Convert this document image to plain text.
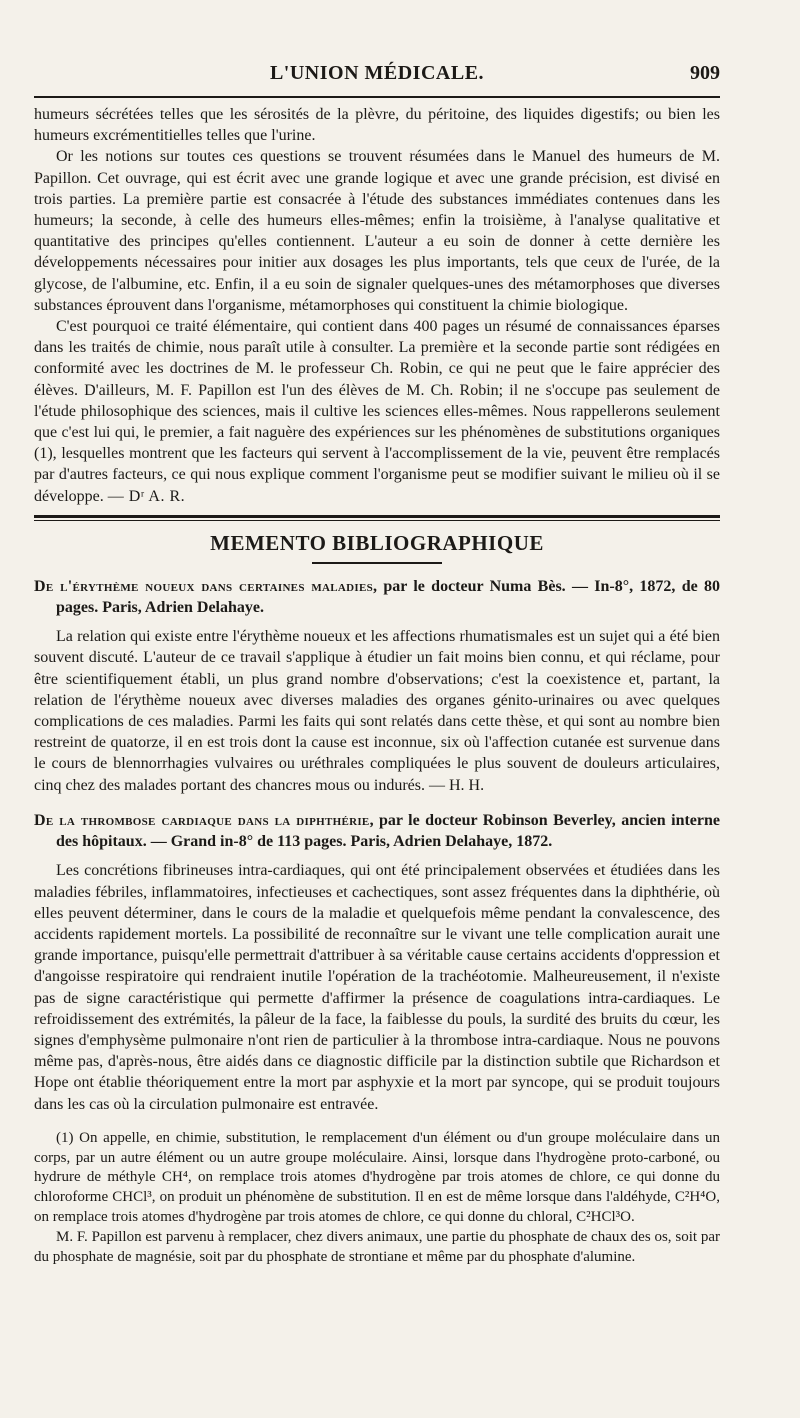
L'UNION MÉDICALE.	909

humeurs sécrétées telles que les sérosités de la plèvre, du péritoine, des liquides digestifs; ou bien les humeurs excrémentitielles telles que l'urine.

Or les notions sur toutes ces questions se trouvent résumées dans le Manuel des humeurs de M. Papillon. Cet ouvrage, qui est écrit avec une grande logique et avec une grande précision, est divisé en trois parties. La première partie est consacrée à l'étude des substances immédiates contenues dans les humeurs; la seconde, à celle des humeurs elles-mêmes; enfin la troisième, à l'analyse qualitative et quantitative des principes qu'elles contiennent. L'auteur a eu soin de donner à cette dernière les développements nécessaires pour initier aux dosages les plus importants, tels que ceux de l'urée, de la glycose, de l'albumine, etc. Enfin, il a eu soin de signaler quelques-unes des métamorphoses que diverses substances éprouvent dans l'organisme, métamorphoses qui constituent la chimie biologique.

C'est pourquoi ce traité élémentaire, qui contient dans 400 pages un résumé de connaissances éparses dans les traités de chimie, nous paraît utile à consulter. La première et la seconde partie sont rédigées en conformité avec les doctrines de M. le professeur Ch. Robin, ce qui ne peut que le faire apprécier des élèves. D'ailleurs, M. F. Papillon est l'un des élèves de M. Ch. Robin; il ne s'occupe pas seulement de l'étude philosophique des sciences, mais il cultive les sciences elles-mêmes. Nous rappellerons seulement que c'est lui qui, le premier, a fait naguère des expériences sur les phénomènes de substitutions organiques (1), lesquelles montrent que les facteurs qui servent à l'accomplissement de la vie, peuvent être remplacés par d'autres facteurs, ce qui nous explique comment l'organisme peut se modifier suivant le milieu où il se développe. — Dʳ A. R.

MEMENTO BIBLIOGRAPHIQUE
De l'érythème noueux dans certaines maladies, par le docteur Numa Bès. — In-8°, 1872, de 80 pages. Paris, Adrien Delahaye.

La relation qui existe entre l'érythème noueux et les affections rhumatismales est un sujet qui a été bien souvent discuté. L'auteur de ce travail s'applique à étudier un fait moins bien connu, et qui réclame, pour être scientifiquement établi, un plus grand nombre d'observations; c'est la coexistence et, partant, la relation de l'érythème noueux avec diverses maladies des organes génito-urinaires ou avec quelques complications de ces maladies. Parmi les faits qui sont relatés dans cette thèse, et qui sont au nombre bien restreint de quatorze, il en est trois dont la cause est inconnue, six où l'affection cutanée est survenue dans le cours de blennorrhagies vulvaires ou uréthrales compliquées le plus souvent de douleurs articulaires, cinq chez des malades portant des chancres mous ou indurés. — H. H.

De la thrombose cardiaque dans la diphthérie, par le docteur Robinson Beverley, ancien interne des hôpitaux. — Grand in-8° de 113 pages. Paris, Adrien Delahaye, 1872.

Les concrétions fibrineuses intra-cardiaques, qui ont été principalement observées et étudiées dans les maladies fébriles, inflammatoires, infectieuses et cachectiques, sont assez fréquentes dans la diphthérie, où elles peuvent déterminer, dans le cours de la maladie et quelquefois même pendant la convalescence, des accidents rapidement mortels. La possibilité de reconnaître sur le vivant une telle complication aurait une grande importance, puisqu'elle permettrait d'attribuer à sa véritable cause certains accidents d'oppression et d'angoisse respiratoire qui rendraient inutile l'opération de la trachéotomie. Malheureusement, il n'existe pas de signe caractéristique qui permette d'affirmer la présence de coagulations intra-cardiaques. Le refroidissement des extrémités, la pâleur de la face, la faiblesse du pouls, la surdité des bruits du cœur, les signes d'emphysème pulmonaire n'ont rien de particulier à la thrombose intra-cardiaque. Nous ne pouvons même pas, d'après-nous, être aidés dans ce diagnostic difficile par la distinction subtile que Richardson et Hope ont établie théoriquement entre la mort par asphyxie et la mort par syncope, qui se produit toujours dans les cas où la circulation pulmonaire est entravée.

(1) On appelle, en chimie, substitution, le remplacement d'un élément ou d'un groupe moléculaire dans un corps, par un autre élément ou un autre groupe moléculaire. Ainsi, lorsque dans l'hydrogène proto-carboné, ou hydrure de méthyle CH⁴, on remplace trois atomes d'hydrogène par trois atomes de chlore, ce qui donne du chloroforme CHCl³, on produit un phénomène de substitution. Il en est de même lorsque dans l'aldéhyde, C²H⁴O, on remplace trois atomes d'hydrogène par trois atomes de chlore, ce qui donne du chloral, C²HCl³O.

M. F. Papillon est parvenu à remplacer, chez divers animaux, une partie du phosphate de chaux des os, soit par du phosphate de magnésie, soit par du phosphate de strontiane et même par du phosphate d'alumine.
